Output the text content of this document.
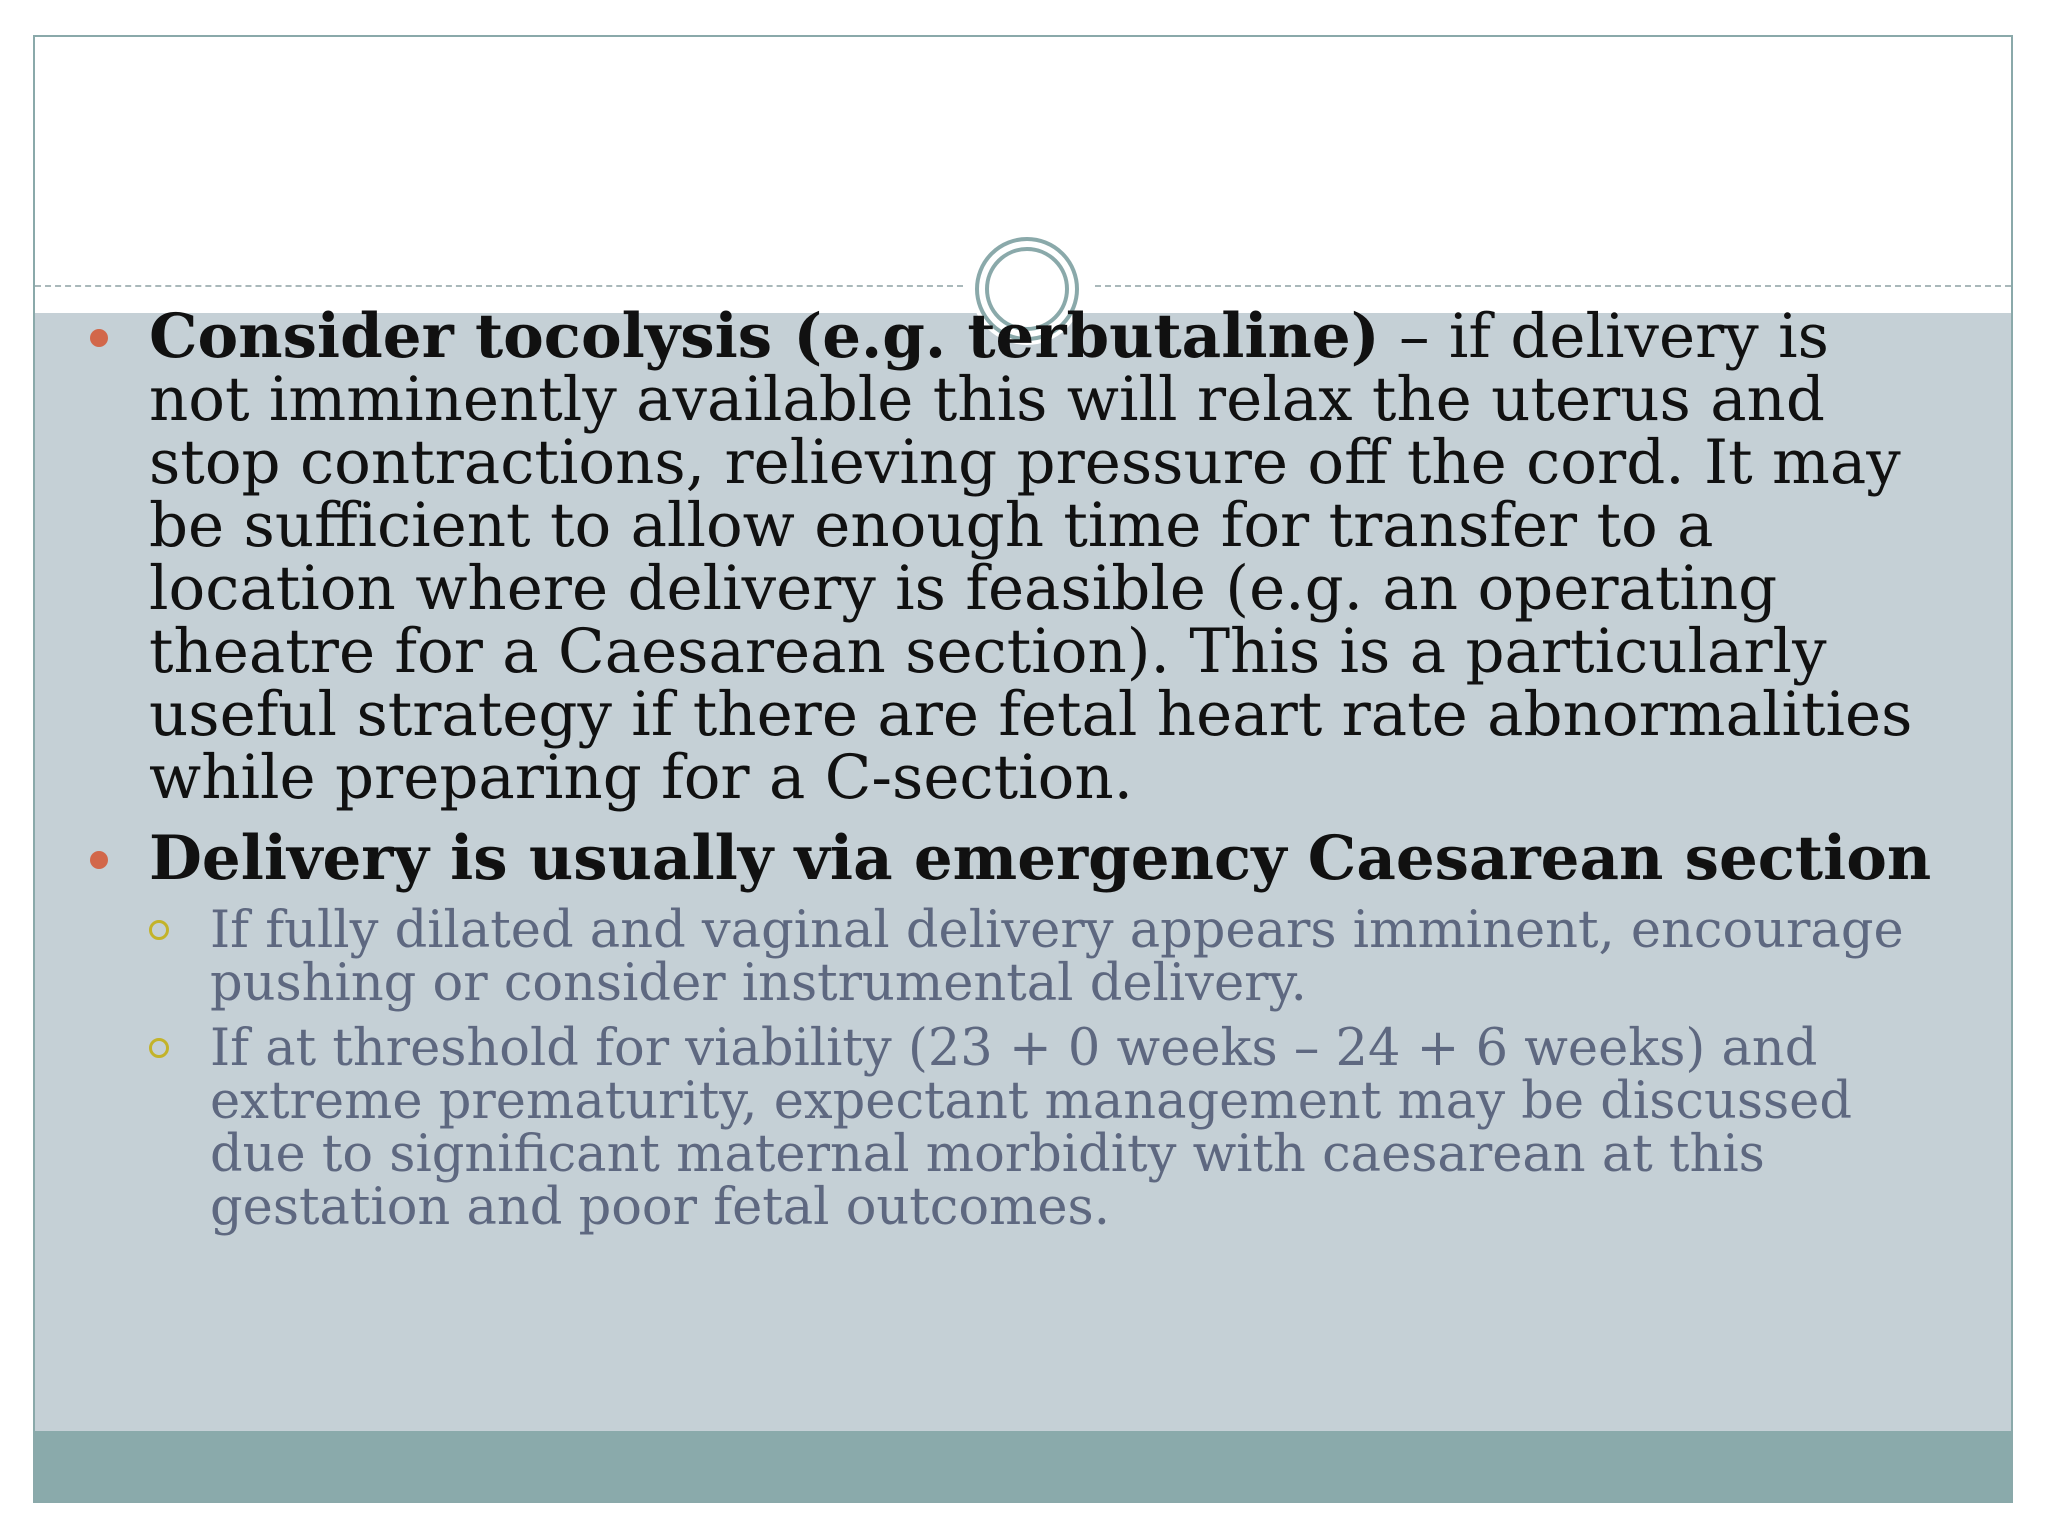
Consider tocolysis (e.g. terbutaline) – if delivery is not imminently available this will relax the uterus and stop contractions, relieving pressure off the cord. It may be sufficient to allow enough time for transfer to a location where delivery is feasible (e.g. an operating theatre for a Caesarean section). This is a particularly useful strategy if there are fetal heart rate abnormalities while preparing for a C-section.

Delivery is usually via emergency Caesarean section

If fully dilated and vaginal delivery appears imminent, encourage pushing or consider instrumental delivery.

If at threshold for viability (23 + 0 weeks – 24 + 6 weeks) and extreme prematurity, expectant management may be discussed due to significant maternal morbidity with caesarean at this gestation and poor fetal outcomes.
